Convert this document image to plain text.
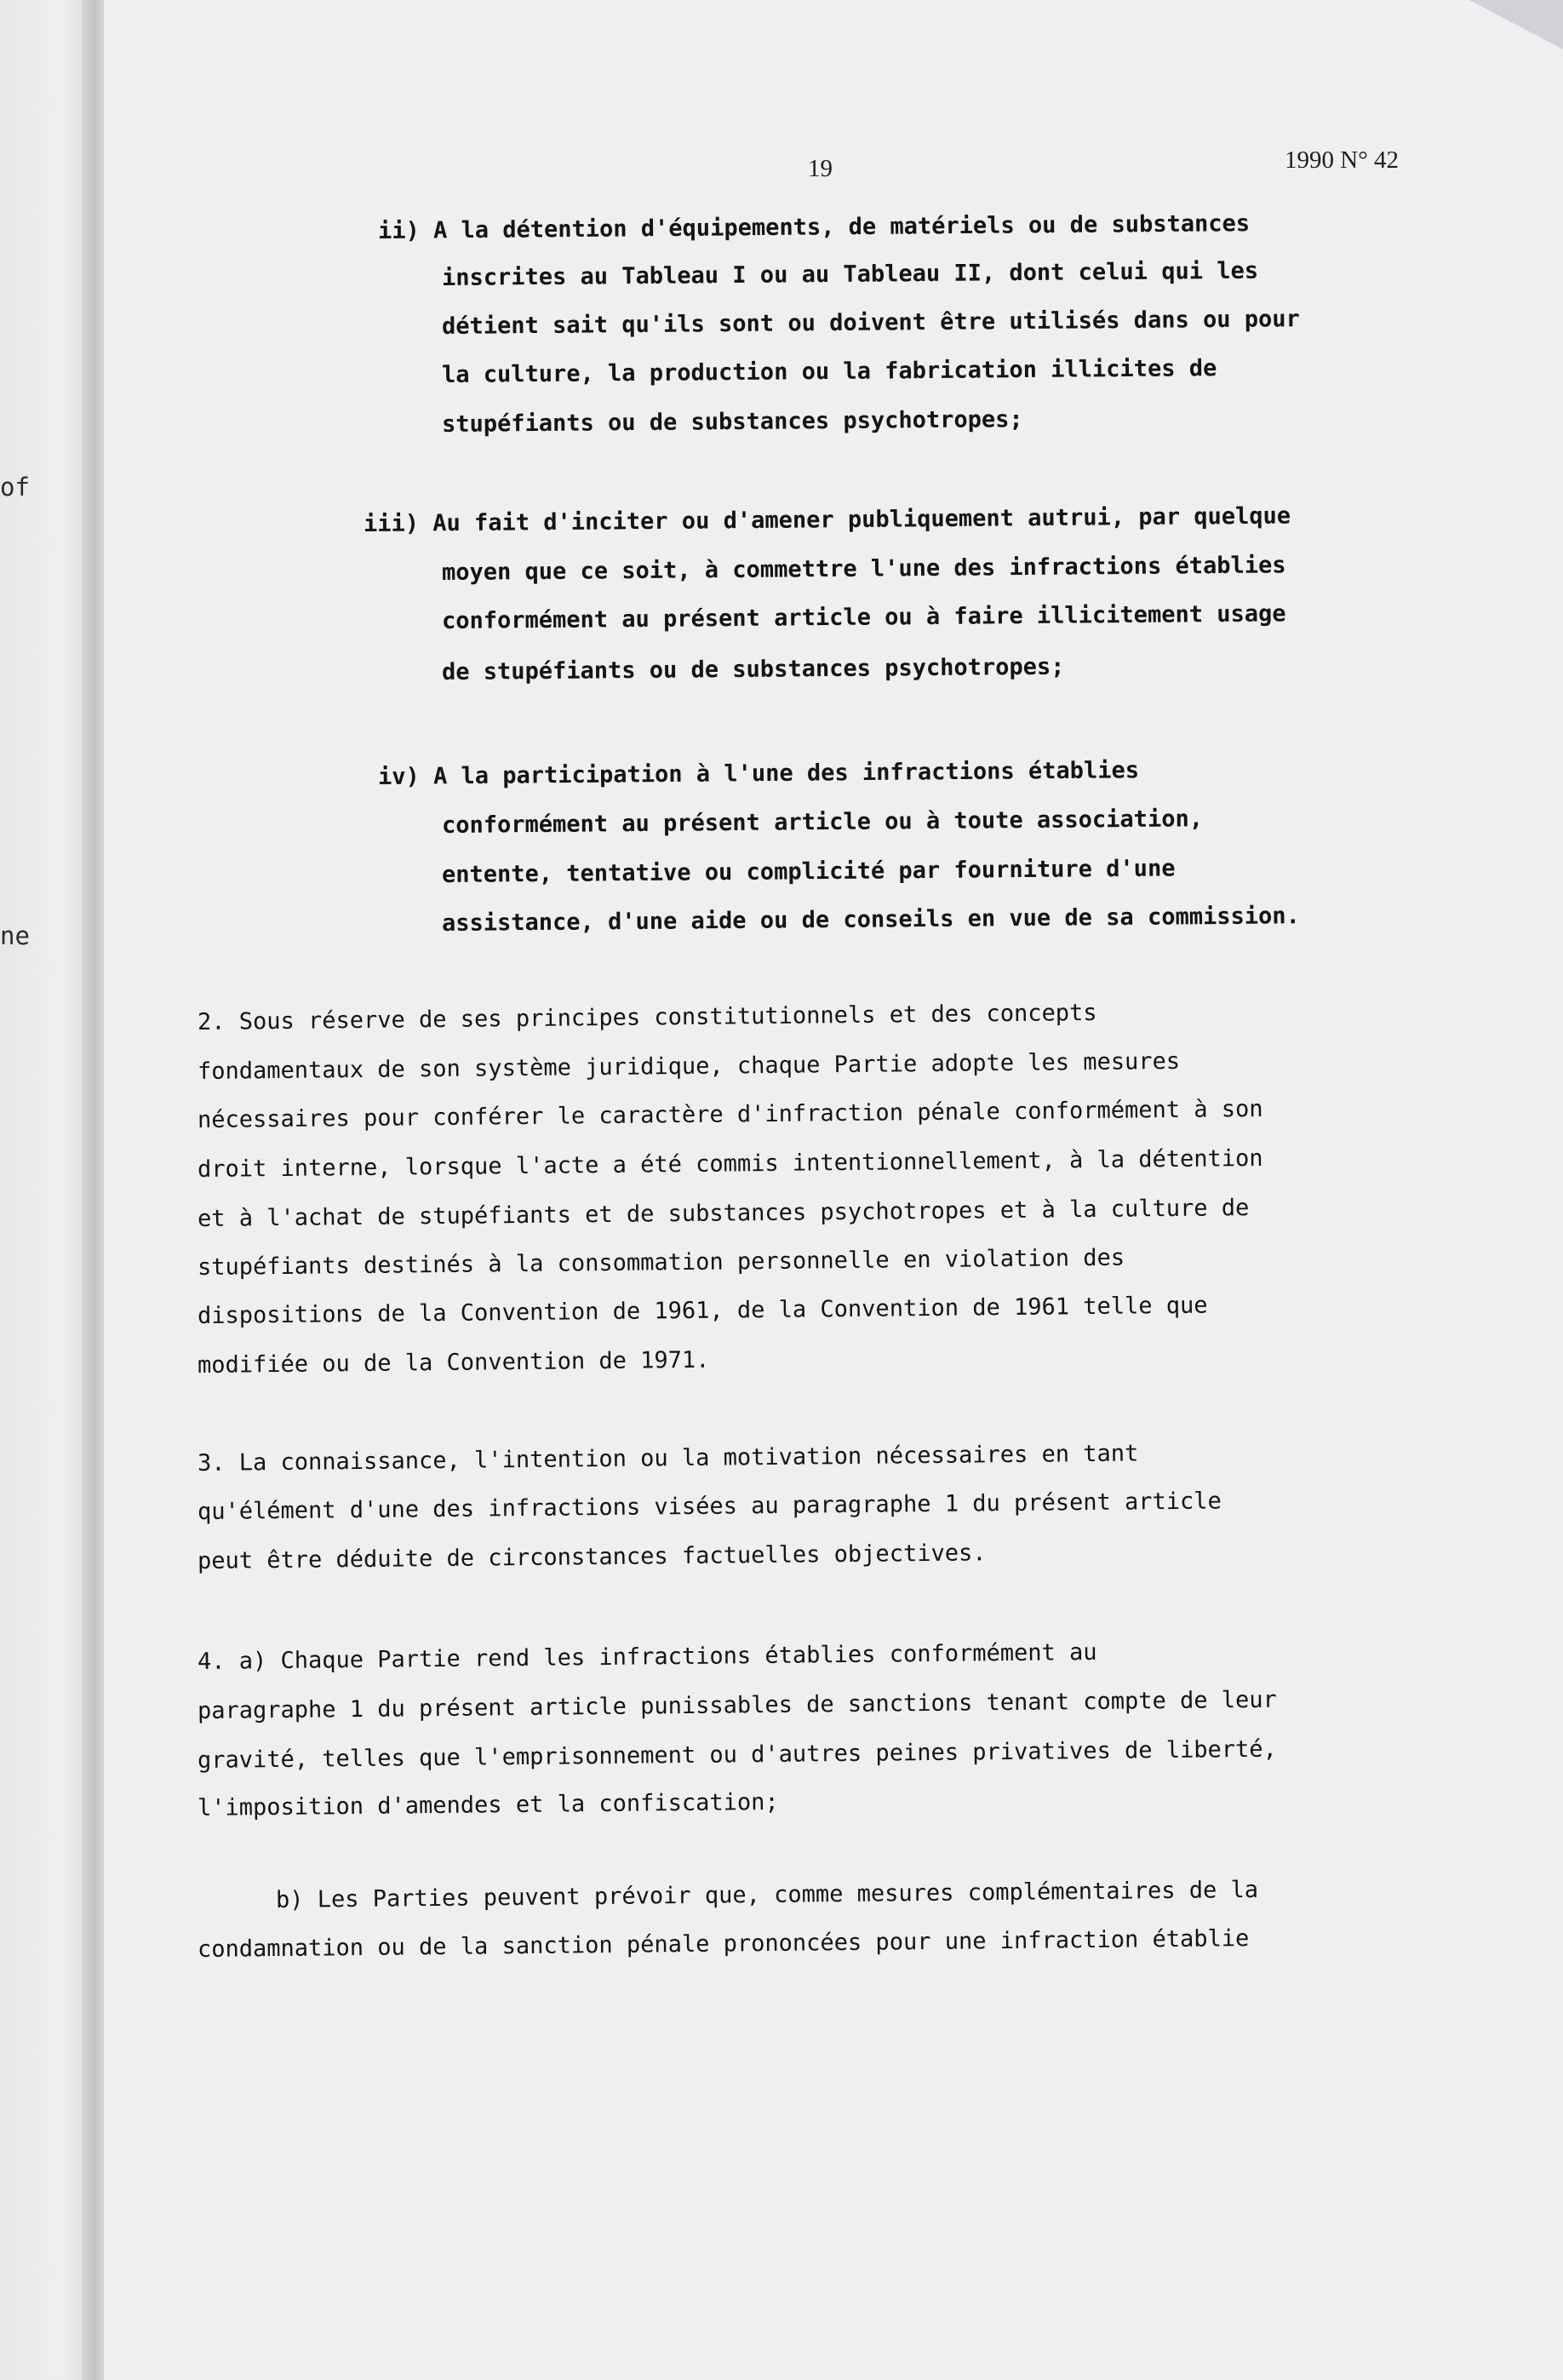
of
ne
19	1990 N° 42
ii) A la détention d'équipements, de matériels ou de substances
inscrites au Tableau I ou au Tableau II, dont celui qui les
détient sait qu'ils sont ou doivent être utilisés dans ou pour
la culture, la production ou la fabrication illicites de
stupéfiants ou de substances psychotropes;
iii) Au fait d'inciter ou d'amener publiquement autrui, par quelque
moyen que ce soit, à commettre l'une des infractions établies
conformément au présent article ou à faire illicitement usage
de stupéfiants ou de substances psychotropes;
iv) A la participation à l'une des infractions établies
conformément au présent article ou à toute association,
entente, tentative ou complicité par fourniture d'une
assistance, d'une aide ou de conseils en vue de sa commission.
2. Sous réserve de ses principes constitutionnels et des concepts
fondamentaux de son système juridique, chaque Partie adopte les mesures
nécessaires pour conférer le caractère d'infraction pénale conformément à son
droit interne, lorsque l'acte a été commis intentionnellement, à la détention
et à l'achat de stupéfiants et de substances psychotropes et à la culture de
stupéfiants destinés à la consommation personnelle en violation des
dispositions de la Convention de 1961, de la Convention de 1961 telle que
modifiée ou de la Convention de 1971.
3. La connaissance, l'intention ou la motivation nécessaires en tant
qu'élément d'une des infractions visées au paragraphe 1 du présent article
peut être déduite de circonstances factuelles objectives.
4. a) Chaque Partie rend les infractions établies conformément au
paragraphe 1 du présent article punissables de sanctions tenant compte de leur
gravité, telles que l'emprisonnement ou d'autres peines privatives de liberté,
l'imposition d'amendes et la confiscation;
b) Les Parties peuvent prévoir que, comme mesures complémentaires de la
condamnation ou de la sanction pénale prononcées pour une infraction établie
